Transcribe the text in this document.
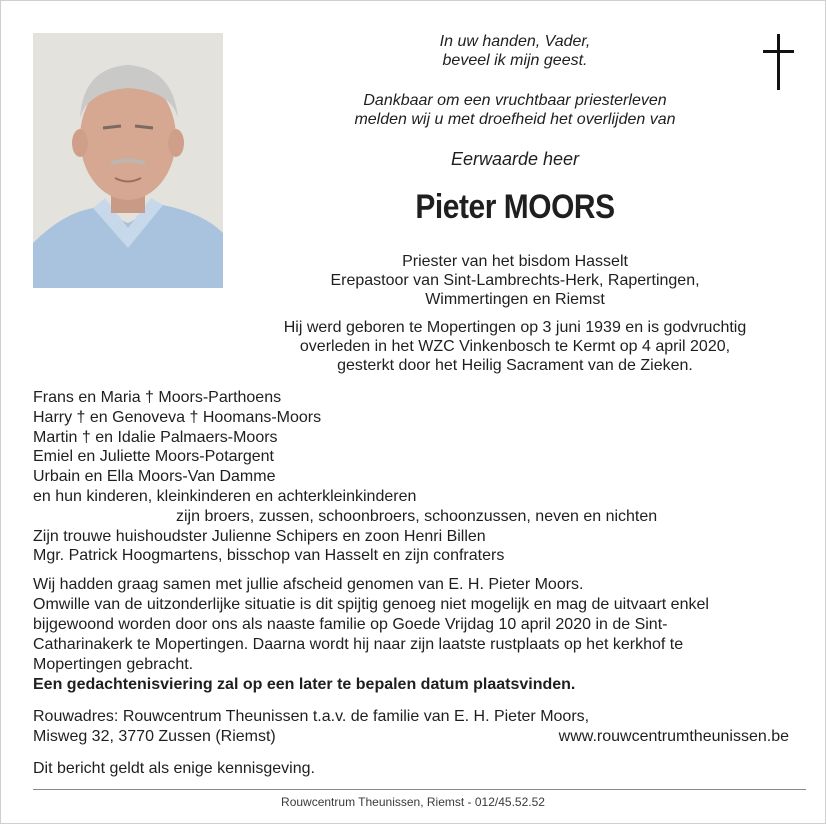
In uw handen, Vader,
beveel ik mijn geest.
Dankbaar om een vruchtbaar priesterleven
melden wij u met droefheid het overlijden van
Eerwaarde heer
Pieter MOORS
Priester van het bisdom Hasselt
Erepastoor van Sint-Lambrechts-Herk, Rapertingen,
Wimmertingen en Riemst
Hij werd geboren te Mopertingen op 3 juni 1939 en is godvruchtig
overleden in het WZC Vinkenbosch te Kermt op 4 april 2020,
gesterkt door het Heilig Sacrament van de Zieken.
Frans en Maria † Moors-Parthoens
Harry † en Genoveva † Hoomans-Moors
Martin † en Idalie Palmaers-Moors
Emiel en Juliette Moors-Potargent
Urbain en Ella Moors-Van Damme
en hun kinderen, kleinkinderen en achterkleinkinderen
zijn broers, zussen, schoonbroers, schoonzussen, neven en nichten
Zijn trouwe huishoudster Julienne Schipers en zoon Henri Billen
Mgr. Patrick Hoogmartens, bisschop van Hasselt en zijn confraters
Wij hadden graag samen met jullie afscheid genomen van E. H. Pieter Moors.
Omwille van de uitzonderlijke situatie is dit spijtig genoeg niet mogelijk en mag de uitvaart enkel
bijgewoond worden door ons als naaste familie op Goede Vrijdag 10 april 2020 in de Sint-
Catharinakerk te Mopertingen. Daarna wordt hij naar zijn laatste rustplaats op het kerkhof te
Mopertingen gebracht.
Een gedachtenisviering zal op een later te bepalen datum plaatsvinden.
Rouwadres: Rouwcentrum Theunissen t.a.v. de familie van E. H. Pieter Moors,
Misweg 32, 3770 Zussen (Riemst)	www.rouwcentrumtheunissen.be
Dit bericht geldt als enige kennisgeving.
Rouwcentrum Theunissen, Riemst - 012/45.52.52
